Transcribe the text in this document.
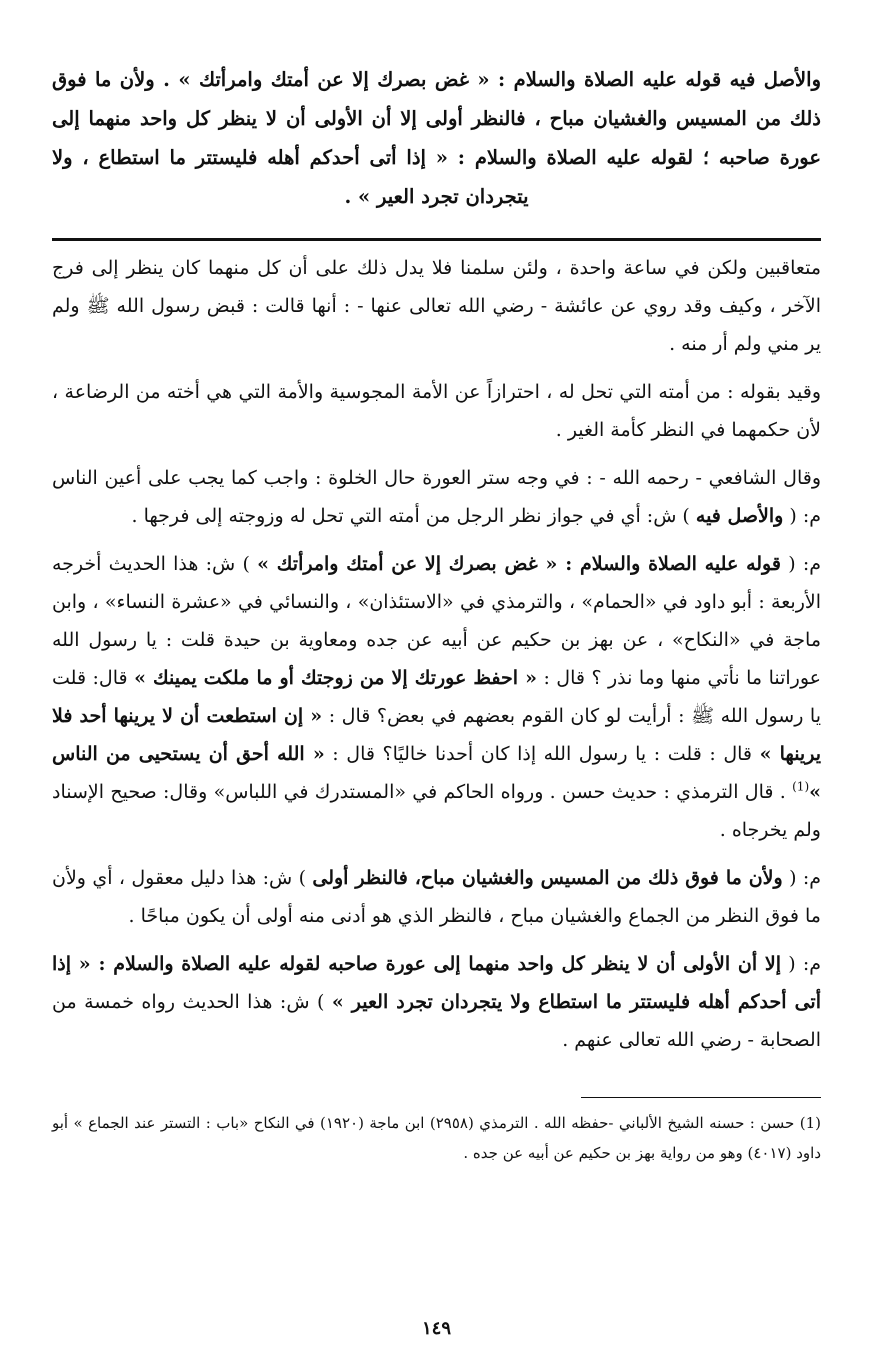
والأصل فيه قوله عليه الصلاة والسلام : « غض بصرك إلا عن أمتك وامرأتك » . ولأن ما فوق ذلك من المسيس والغشيان مباح ، فالنظر أولى إلا أن الأولى أن لا ينظر كل واحد منهما إلى عورة صاحبه ؛ لقوله عليه الصلاة والسلام : « إذا أتى أحدكم أهله فليستتر ما استطاع ، ولا يتجردان تجرد العير » .

متعاقبين ولكن في ساعة واحدة ، ولئن سلمنا فلا يدل ذلك على أن كل منهما كان ينظر إلى فرج الآخر ، وكيف وقد روي عن عائشة - رضي الله تعالى عنها - : أنها قالت : قبض رسول الله ﷺ ولم ير مني ولم أر منه .

وقيد بقوله : من أمته التي تحل له ، احترازاً عن الأمة المجوسية والأمة التي هي أخته من الرضاعة ، لأن حكمهما في النظر كأمة الغير .

وقال الشافعي - رحمه الله - : في وجه ستر العورة حال الخلوة : واجب كما يجب على أعين الناس م: ( والأصل فيه ) ش: أي في جواز نظر الرجل من أمته التي تحل له وزوجته إلى فرجها .

م: ( قوله عليه الصلاة والسلام : « غض بصرك إلا عن أمتك وامرأتك » ) ش: هذا الحديث أخرجه الأربعة : أبو داود في «الحمام» ، والترمذي في «الاستئذان» ، والنسائي في «عشرة النساء» ، وابن ماجة في «النكاح» ، عن بهز بن حكيم عن أبيه عن جده ومعاوية بن حيدة قلت : يا رسول الله عوراتنا ما نأتي منها وما نذر ؟ قال : « احفظ عورتك إلا من زوجتك أو ما ملكت يمينك » قال: قلت يا رسول الله ﷺ : أرأيت لو كان القوم بعضهم في بعض؟ قال : « إن استطعت أن لا يرينها أحد فلا يرينها » قال : قلت : يا رسول الله إذا كان أحدنا خاليًا؟ قال : « الله أحق أن يستحيى من الناس »$^{(1)}$ . قال الترمذي : حديث حسن . ورواه الحاكم في «المستدرك في اللباس» وقال: صحيح الإسناد ولم يخرجاه .

م: ( ولأن ما فوق ذلك من المسيس والغشيان مباح، فالنظر أولى ) ش: هذا دليل معقول ، أي ولأن ما فوق النظر من الجماع والغشيان مباح ، فالنظر الذي هو أدنى منه أولى أن يكون مباحًا .

م: ( إلا أن الأولى أن لا ينظر كل واحد منهما إلى عورة صاحبه لقوله عليه الصلاة والسلام : « إذا أتى أحدكم أهله فليستتر ما استطاع ولا يتجردان تجرد العير » ) ش: هذا الحديث رواه خمسة من الصحابة - رضي الله تعالى عنهم .

(1) حسن : حسنه الشيخ الألباني -حفظه الله . الترمذي (٢٩٥٨) ابن ماجة (١٩٢٠) في النكاح «باب : التستر عند الجماع » أبو داود (٤٠١٧) وهو من رواية بهز بن حكيم عن أبيه عن جده .
١٤٩
